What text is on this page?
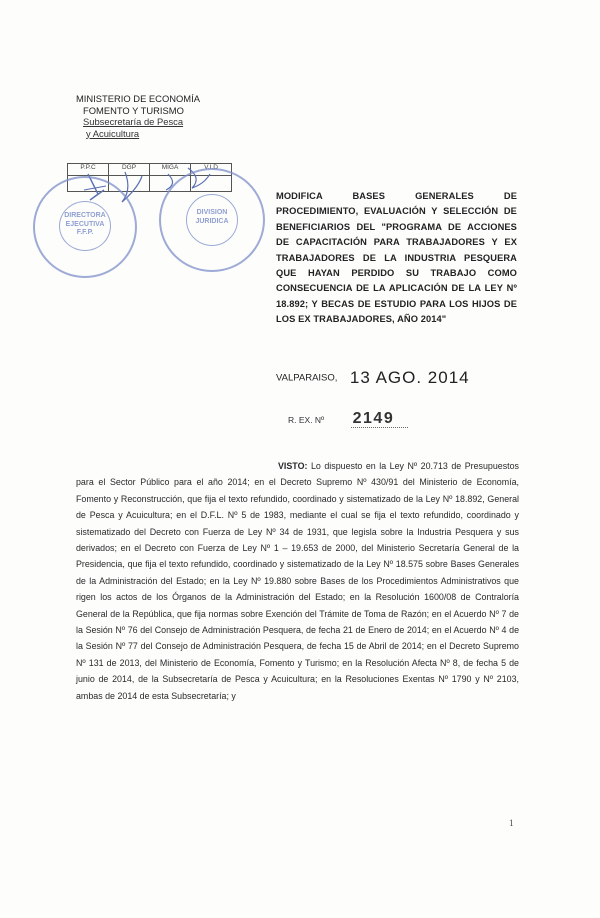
MINISTERIO DE ECONOMÍA
FOMENTO Y TURISMO
Subsecretaría de Pesca
y Acuicultura
P.P.C	DGP	MIGA	V.I.D

DIRECTORA EJECUTIVA F.F.P.
DIVISION JURIDICA
MODIFICA BASES GENERALES DE PROCEDIMIENTO, EVALUACIÓN Y SELECCIÓN DE BENEFICIARIOS DEL "PROGRAMA DE ACCIONES DE CAPACITACIÓN PARA TRABAJADORES Y EX TRABAJADORES DE LA INDUSTRIA PESQUERA QUE HAYAN PERDIDO SU TRABAJO COMO CONSECUENCIA DE LA APLICACIÓN DE LA LEY Nº 18.892; Y BECAS DE ESTUDIO PARA LOS HIJOS DE LOS EX TRABAJADORES, AÑO 2014"
VALPARAISO, 13 AGO. 2014
R. EX. Nº 2149
VISTO: Lo dispuesto en la Ley Nº 20.713 de Presupuestos para el Sector Público para el año 2014; en el Decreto Supremo Nº 430/91 del Ministerio de Economía, Fomento y Reconstrucción, que fija el texto refundido, coordinado y sistematizado de la Ley Nº 18.892, General de Pesca y Acuicultura; en el D.F.L. Nº 5 de 1983, mediante el cual se fija el texto refundido, coordinado y sistematizado del Decreto con Fuerza de Ley Nº 34 de 1931, que legisla sobre la Industria Pesquera y sus derivados; en el Decreto con Fuerza de Ley Nº 1 – 19.653 de 2000, del Ministerio Secretaría General de la Presidencia, que fija el texto refundido, coordinado y sistematizado de la Ley Nº 18.575 sobre Bases Generales de la Administración del Estado; en la Ley Nº 19.880 sobre Bases de los Procedimientos Administrativos que rigen los actos de los Órganos de la Administración del Estado; en la Resolución 1600/08 de Contraloría General de la República, que fija normas sobre Exención del Trámite de Toma de Razón; en el Acuerdo Nº 7 de la Sesión Nº 76 del Consejo de Administración Pesquera, de fecha 21 de Enero de 2014; en el Acuerdo Nº 4 de la Sesión Nº 77 del Consejo de Administración Pesquera, de fecha 15 de Abril de 2014; en el Decreto Supremo Nº 131 de 2013, del Ministerio de Economía, Fomento y Turismo; en la Resolución Afecta Nº 8, de fecha 5 de junio de 2014, de la Subsecretaría de Pesca y Acuicultura; en la Resoluciones Exentas Nº 1790 y Nº 2103, ambas de 2014 de esta Subsecretaría; y
1
